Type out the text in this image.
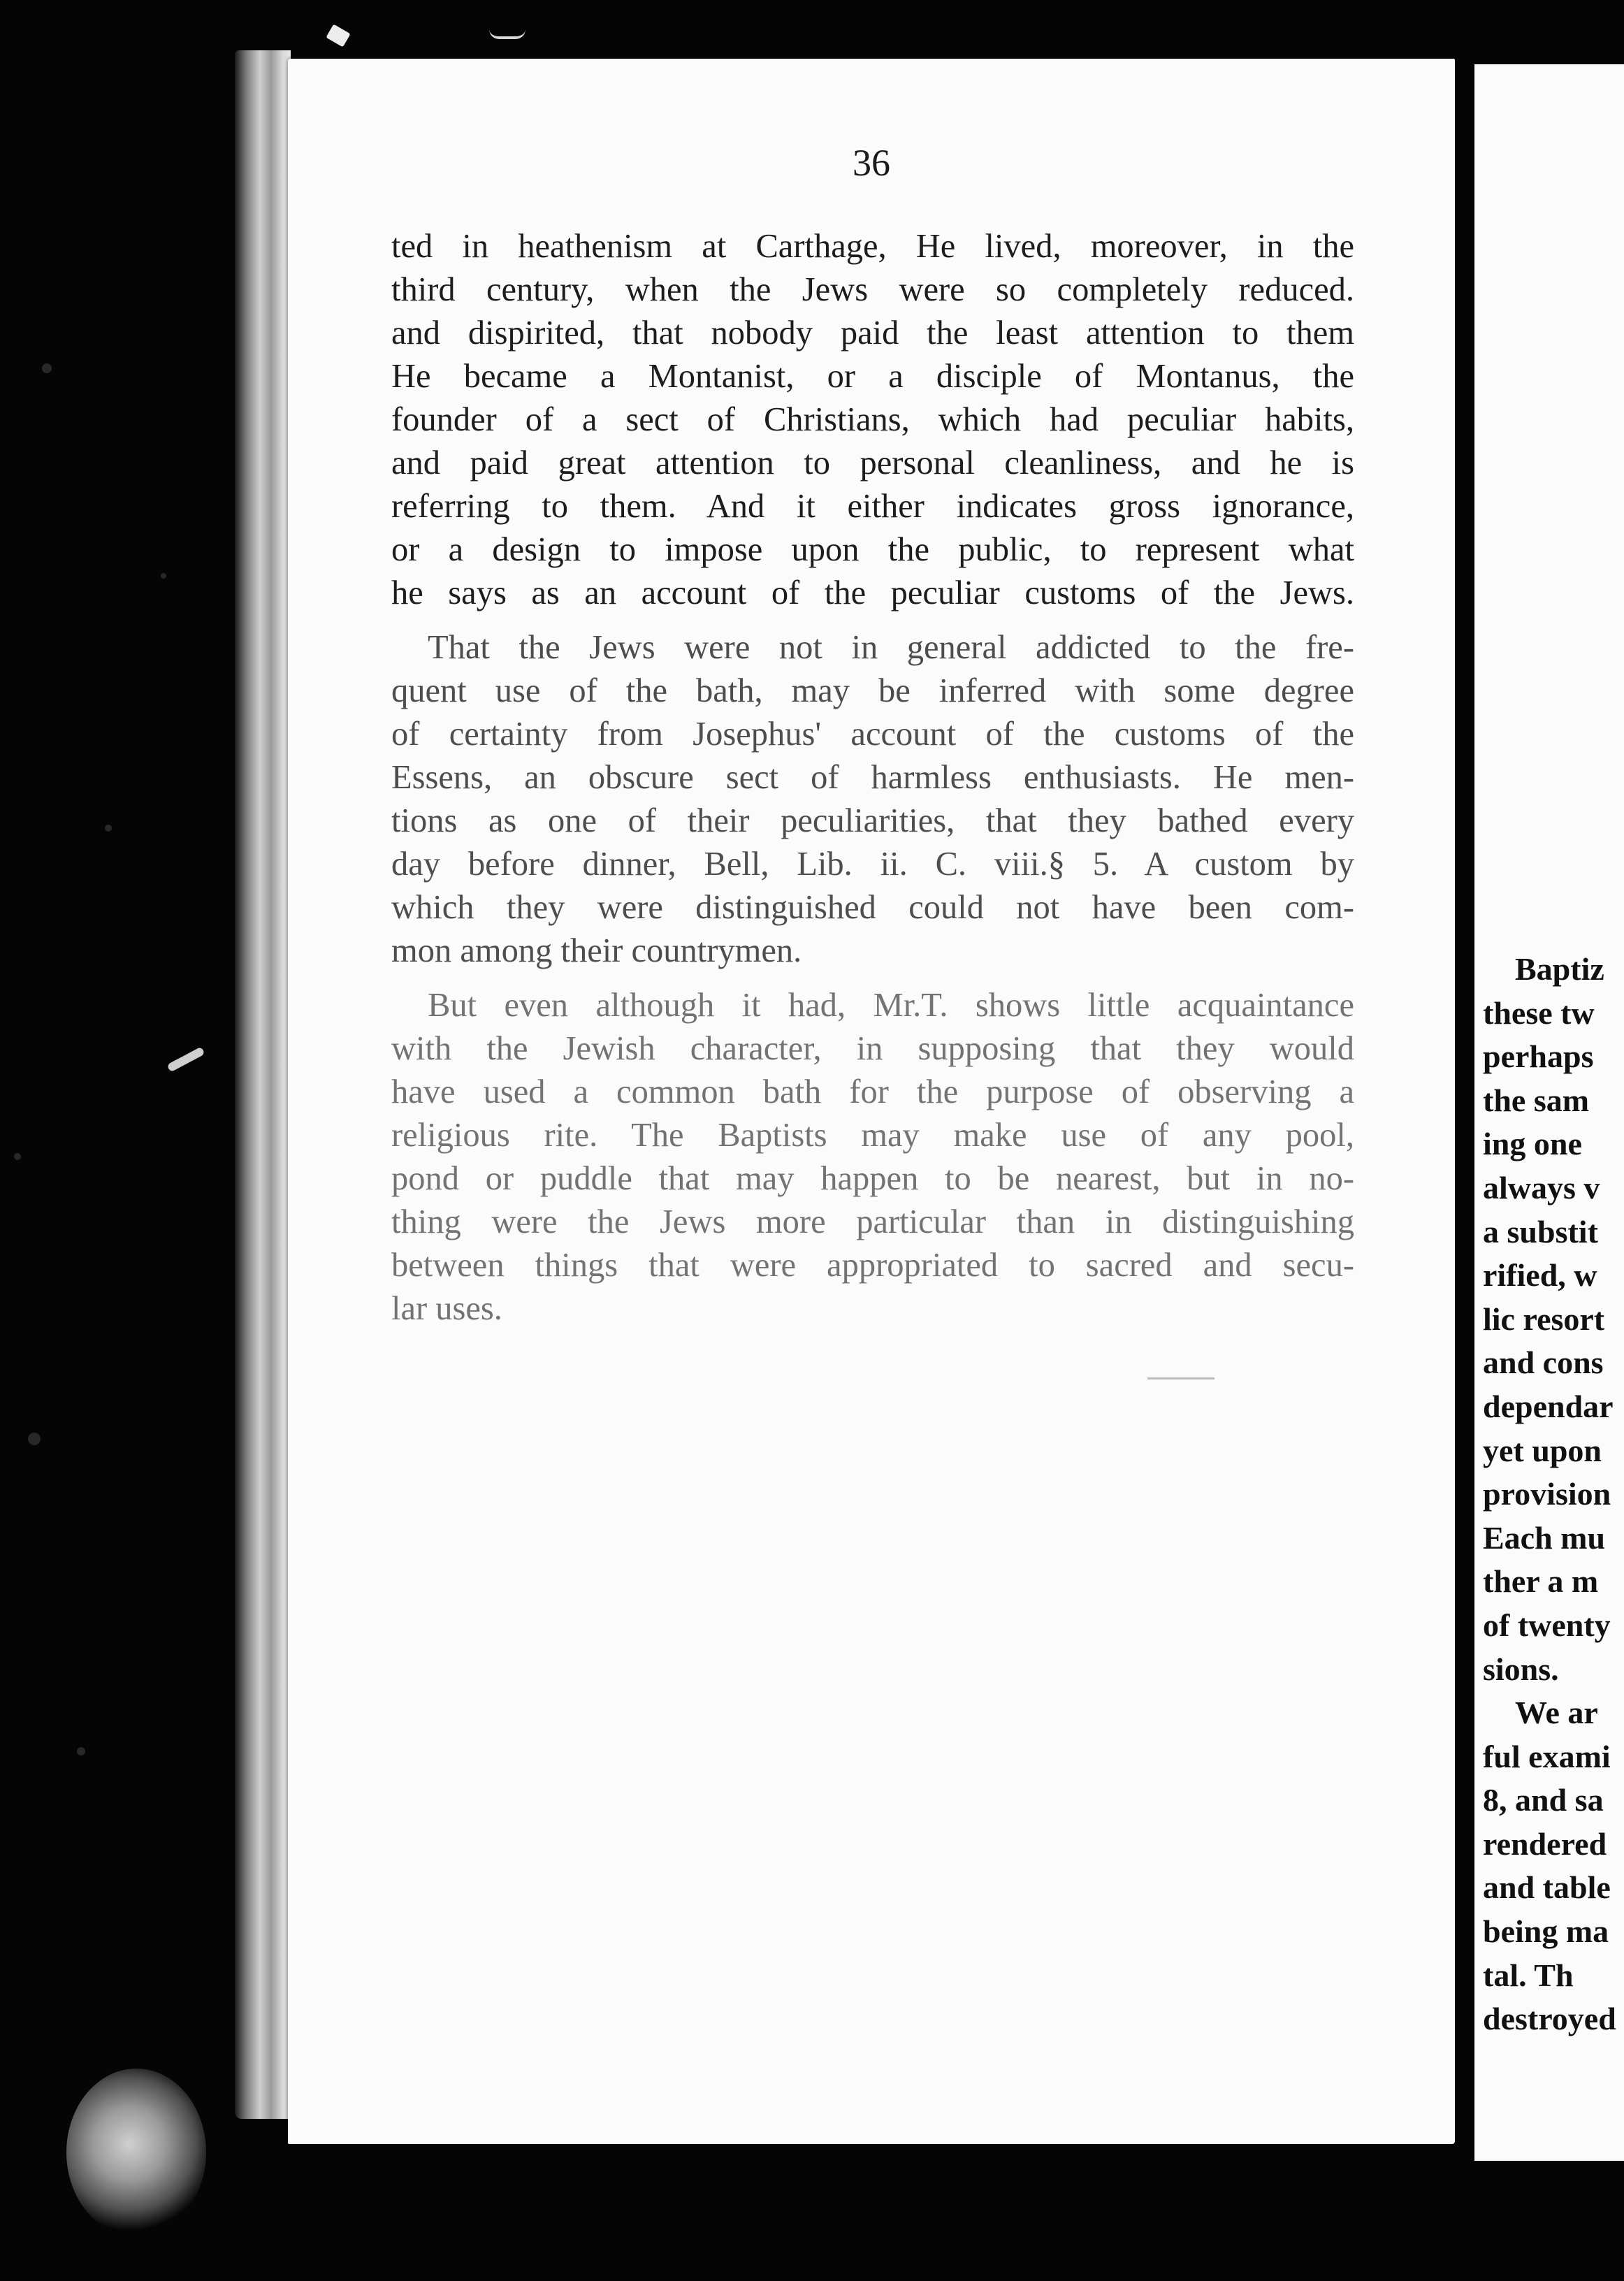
36
ted in heathenism at Carthage, He lived, moreover, in the
third century, when the Jews were so completely reduced.
and dispirited, that nobody paid the least attention to them
He became a Montanist, or a disciple of Montanus, the
founder of a sect of Christians, which had peculiar habits,
and paid great attention to personal cleanliness, and he is
referring to them. And it either indicates gross ignorance,
or a design to impose upon the public, to represent what
he says as an account of the peculiar customs of the Jews.
That the Jews were not in general addicted to the fre-
quent use of the bath, may be inferred with some degree
of certainty from Josephus' account of the customs of the
Essens, an obscure sect of harmless enthusiasts. He men-
tions as one of their peculiarities, that they bathed every
day before dinner, Bell, Lib. ii. C. viii.§ 5. A custom by
which they were distinguished could not have been com-
mon among their countrymen.
But even although it had, Mr.T. shows little acquaintance
with the Jewish character, in supposing that they would
have used a common bath for the purpose of observing a
religious rite. The Baptists may make use of any pool,
pond or puddle that may happen to be nearest, but in no-
thing were the Jews more particular than in distinguishing
between things that were appropriated to sacred and secu-
lar uses.
Baptiz
these tw
perhaps
the sam
ing one
always v
a substit
rified, w
lic resort
and cons
dependar
yet upon
provision
Each mu
ther a m
of twenty
sions.
We ar
ful exami
8, and sa
rendered
and table
being ma
tal. Th
destroyed
